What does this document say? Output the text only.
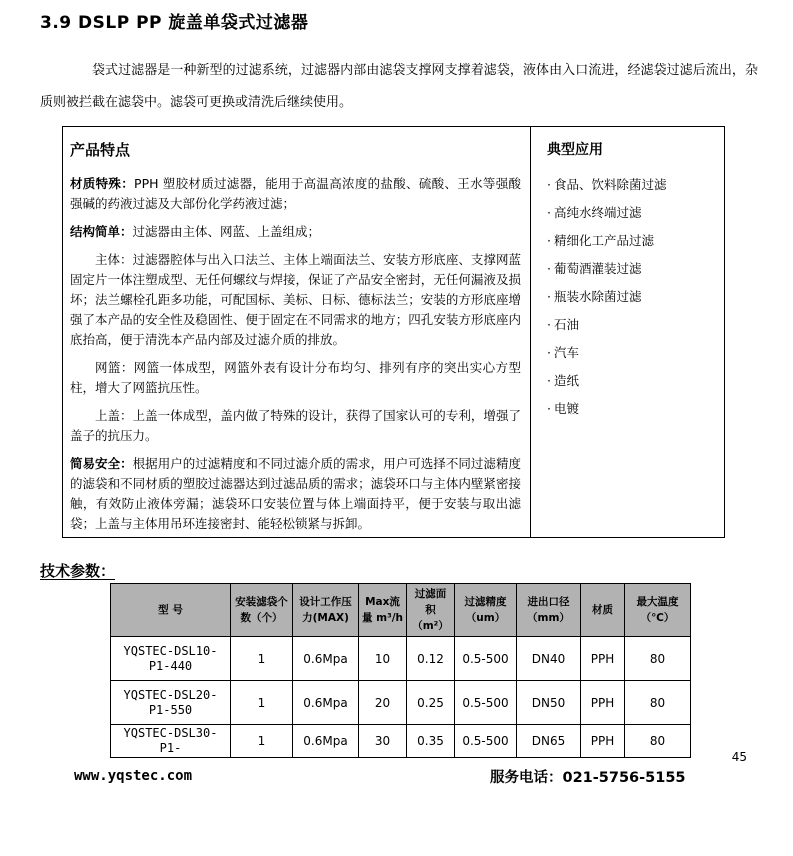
3.9 DSLP PP 旋盖单袋式过滤器

袋式过滤器是一种新型的过滤系统，过滤器内部由滤袋支撑网支撑着滤袋，液体由入口流进，经滤袋过滤后流出，杂质则被拦截在滤袋中。滤袋可更换或清洗后继续使用。

产品特点

材质特殊：PPH 塑胶材质过滤器，能用于高温高浓度的盐酸、硫酸、王水等强酸强碱的药液过滤及大部份化学药液过滤；

结构简单：过滤器由主体、网蓝、上盖组成；

主体：过滤器腔体与出入口法兰、主体上端面法兰、安装方形底座、支撑网蓝固定片一体注塑成型、无任何螺纹与焊接，保证了产品安全密封，无任何漏液及损坏；法兰螺栓孔距多功能，可配国标、美标、日标、德标法兰；安装的方形底座增强了本产品的安全性及稳固性、便于固定在不同需求的地方；四孔安装方形底座内底抬高，便于清洗本产品内部及过滤介质的排放。

网篮：网篮一体成型，网篮外表有设计分布均匀、排列有序的突出实心方型柱，增大了网篮抗压性。

上盖：上盖一体成型，盖内做了特殊的设计，获得了国家认可的专利，增强了盖子的抗压力。

简易安全：根据用户的过滤精度和不同过滤介质的需求，用户可选择不同过滤精度的滤袋和不同材质的塑胶过滤器达到过滤品质的需求；滤袋环口与主体内壁紧密接触，有效防止液体旁漏；滤袋环口安装位置与体上端面持平，便于安装与取出滤袋；上盖与主体用吊环连接密封、能轻松锁紧与拆卸。

典型应用
· 食品、饮料除菌过滤
· 高纯水终端过滤
· 精细化工产品过滤
· 葡萄酒灌装过滤
· 瓶装水除菌过滤
· 石油
· 汽车
· 造纸
· 电镀
技术参数：
型 号	安装滤袋个数（个）	设计工作压力(MAX)	Max流量 m³/h	过滤面积（m²）	过滤精度（um）	进出口径（mm）	材质	最大温度（℃）
YQSTEC-DSL10-P1-440	1	0.6Mpa	10	0.12	0.5-500	DN40	PPH	80
YQSTEC-DSL20-P1-550	1	0.6Mpa	20	0.25	0.5-500	DN50	PPH	80
YQSTEC-DSL30-P1-	1	0.6Mpa	30	0.35	0.5-500	DN65	PPH	80
45
www.yqstec.com	服务电话：021-5756-5155
